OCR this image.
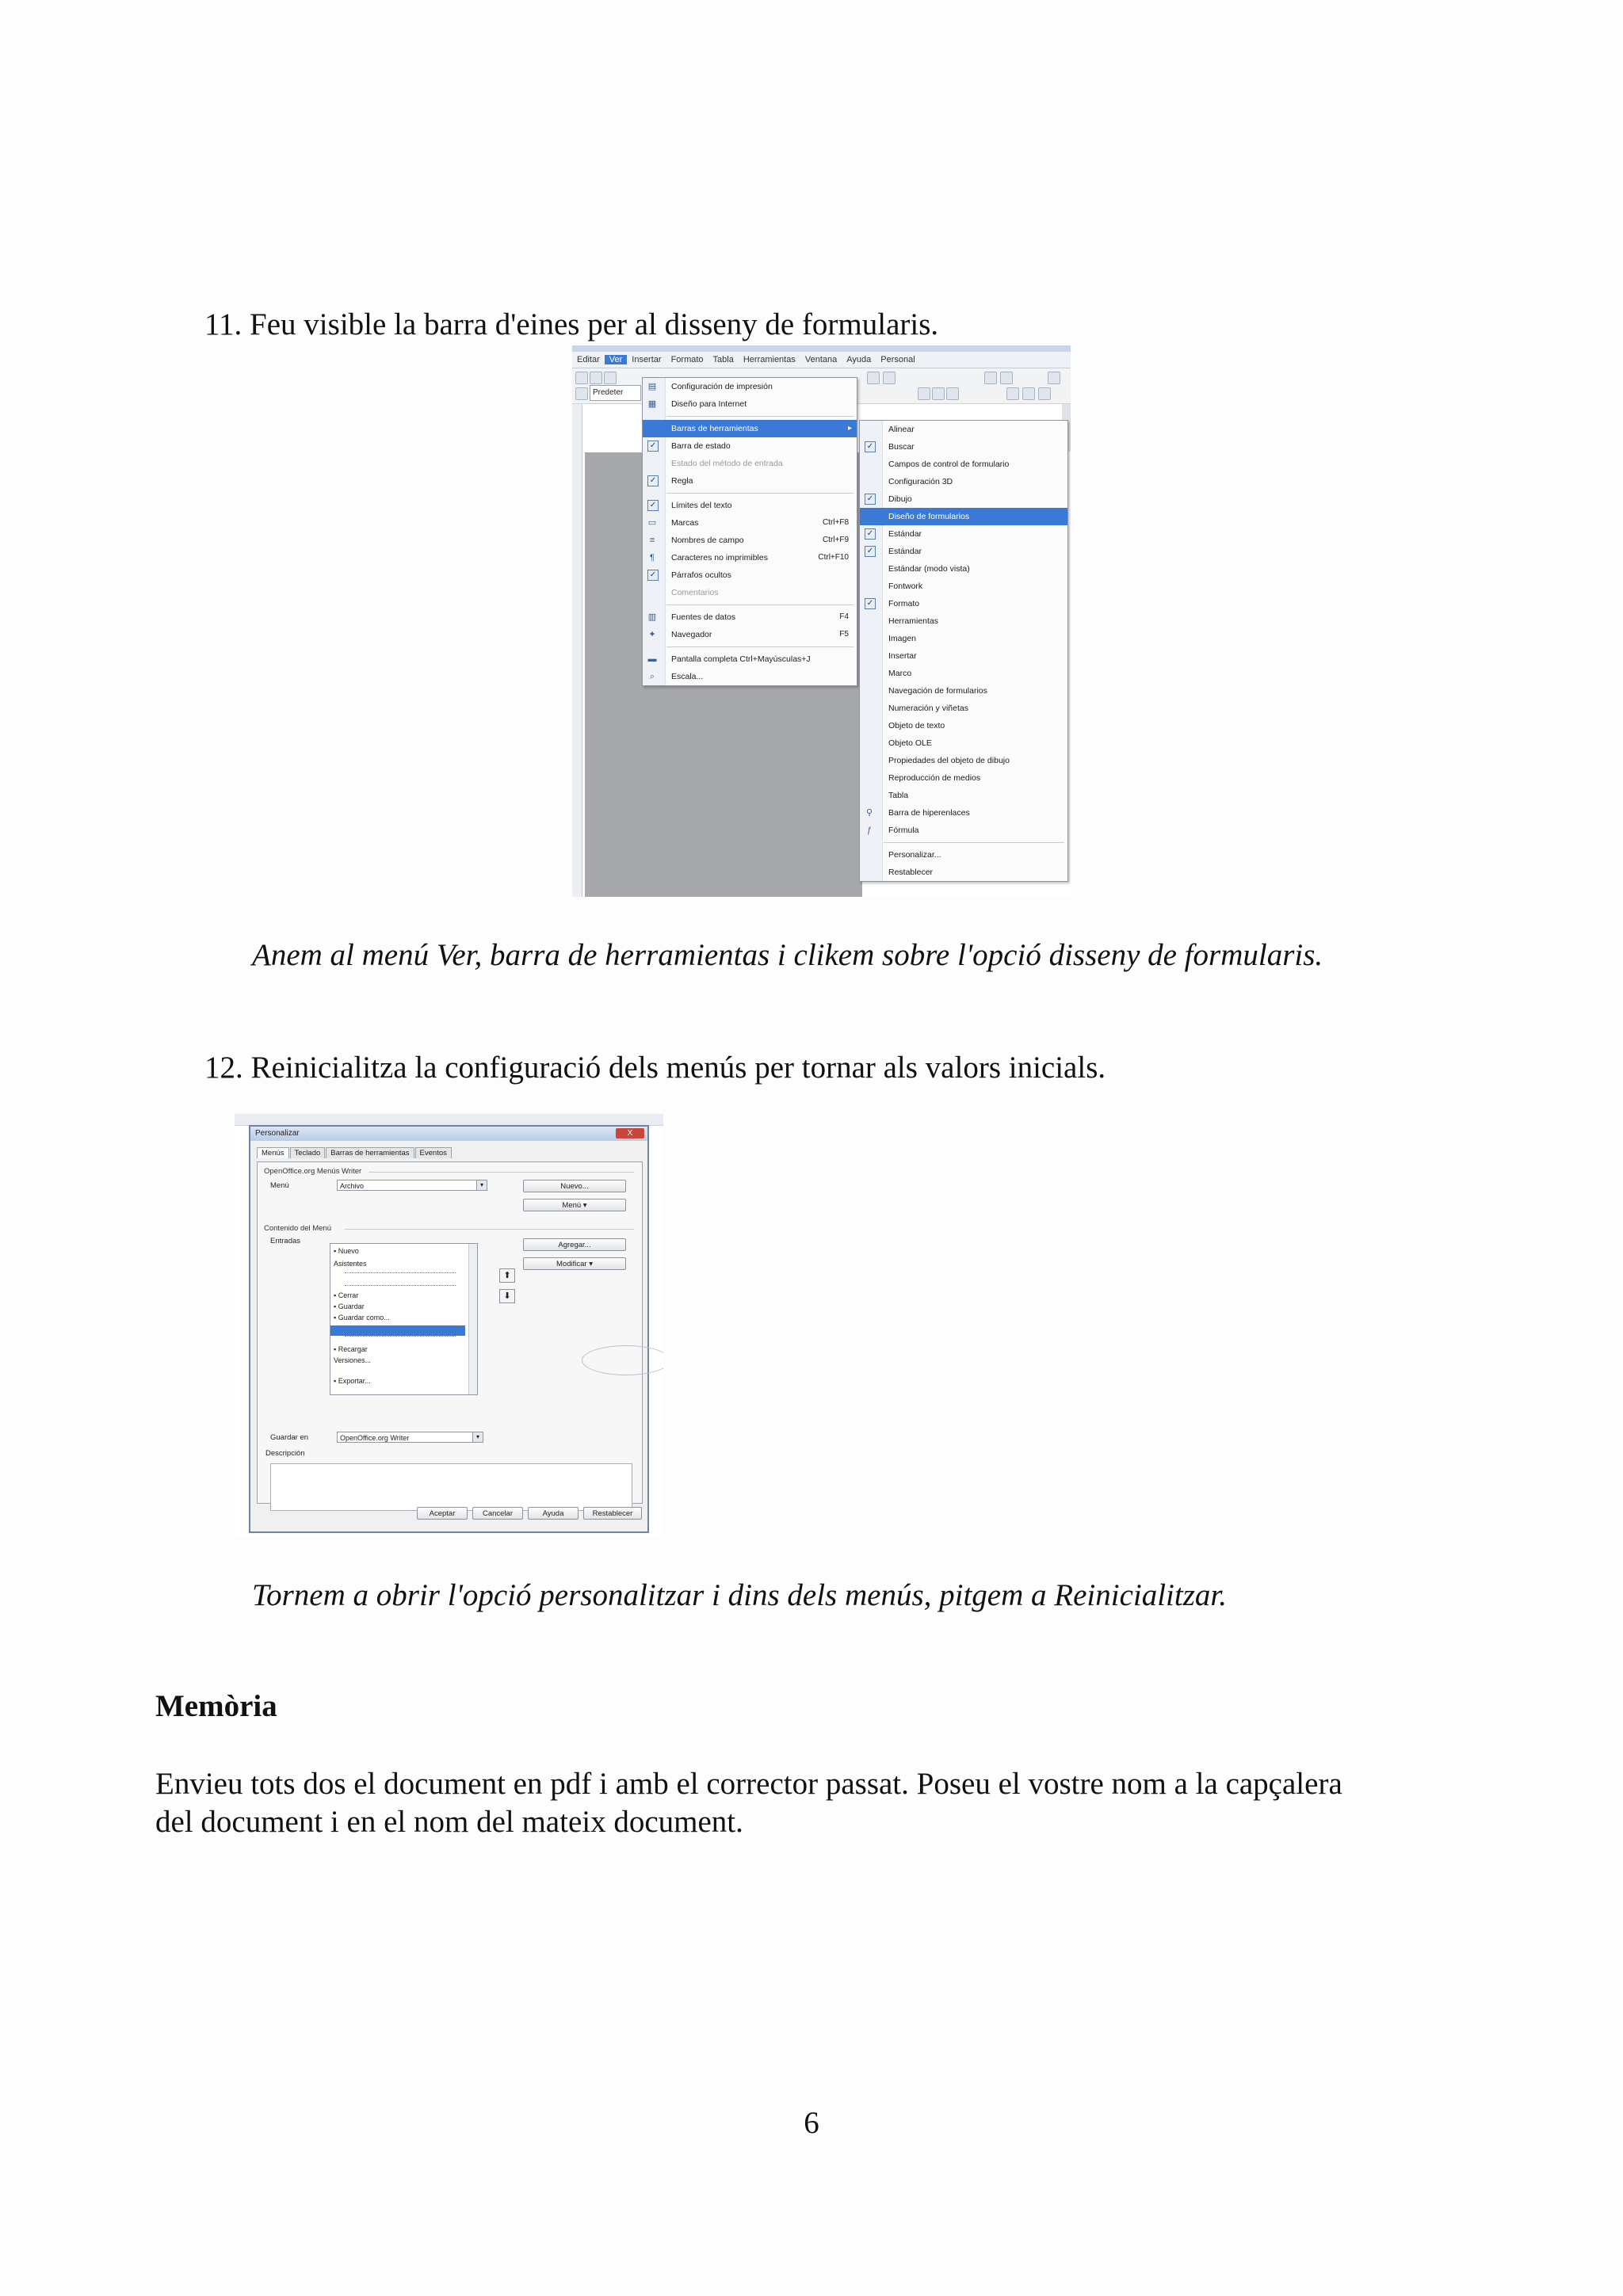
11. Feu visible la barra d'eines per al disseny de formularis.
Editar	Ver	Insertar	Formato	Tabla	Herramientas	Ventana	Ayuda	Personal
Predeter
▤ Configuración de impresión
▦ Diseño para Internet
Barras de herramientas	▸
✓ Barra de estado
Estado del método de entrada
✓ Regla
✓ Límites del texto
▭ Marcas	Ctrl+F8
≡ Nombres de campo	Ctrl+F9
¶ Caracteres no imprimibles	Ctrl+F10
✓ Párrafos ocultos
Comentarios
▥ Fuentes de datos	F4
✦ Navegador	F5
▬ Pantalla completa Ctrl+Mayúsculas+J
⌕ Escala...
Alinear
✓ Buscar
Campos de control de formulario
Configuración 3D
✓ Dibujo
Diseño de formularios
✓ Estándar
✓ Estándar
Estándar (modo vista)
Fontwork
✓ Formato
Herramientas
Imagen
Insertar
Marco
Navegación de formularios
Numeración y viñetas
Objeto de texto
Objeto OLE
Propiedades del objeto de dibujo
Reproducción de medios
Tabla
⚲ Barra de hiperenlaces
ƒ Fórmula
Personalizar...
Restablecer
Anem al menú Ver, barra de herramientas i clikem sobre l'opció disseny de formularis.
12. Reinicialitza la configuració dels menús per tornar als valors inicials.
Personalizar	X
Menús	Teclado	Barras de herramientas	Eventos
OpenOffice.org Menús Writer
Menú	Archivo	▾	Nuevo...
Menú ▾
Contenido del Menú
Entradas	Agregar...
Modificar ▾
⬆
⬇
Guardar en	OpenOffice.org Writer	▾
Descripción
▪ Nuevo
Asistentes
▪ Cerrar
▪ Guardar
▪ Guardar como...
▪ Recargar
Versiones...
▪ Exportar...
Aceptar	Cancelar	Ayuda	Restablecer
Tornem a obrir l'opció personalitzar i dins dels menús, pitgem a Reinicialitzar.
Memòria
Envieu tots dos el document en pdf i amb el corrector passat. Poseu el vostre nom a la capçalera del document i en el nom del mateix document.
6
